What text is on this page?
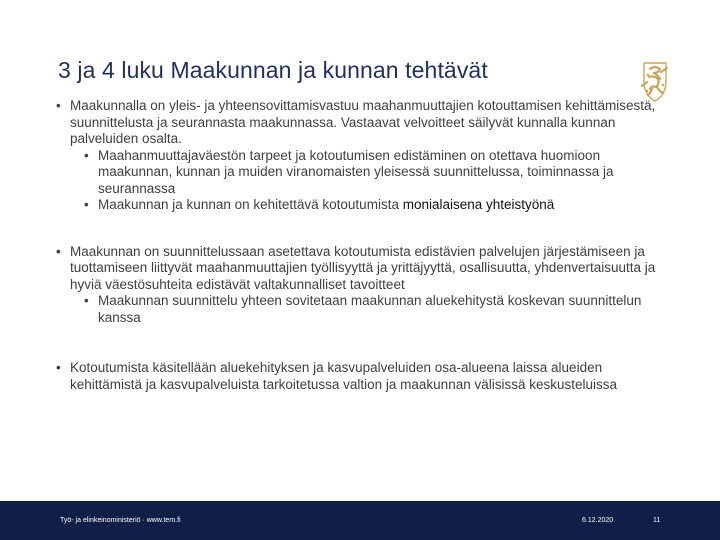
3 ja 4 luku Maakunnan ja kunnan tehtävät

• Maakunnalla on yleis- ja yhteensovittamisvastuu maahanmuuttajien kotouttamisen kehittämisestä, suunnittelusta ja seurannasta maakunnassa. Vastaavat velvoitteet säilyvät kunnalla kunnan palveluiden osalta.

• Maahanmuuttajaväestön tarpeet ja kotoutumisen edistäminen on otettava huomioon maakunnan, kunnan ja muiden viranomaisten yleisessä suunnittelussa, toiminnassa ja seurannassa

• Maakunnan ja kunnan on kehitettävä kotoutumista monialaisena yhteistyönä

• Maakunnan on suunnittelussaan asetettava kotoutumista edistävien palvelujen järjestämiseen ja tuottamiseen liittyvät maahanmuuttajien työllisyyttä ja yrittäjyyttä, osallisuutta, yhdenvertaisuutta ja hyviä väestösuhteita edistävät valtakunnalliset tavoitteet

• Maakunnan suunnittelu yhteen sovitetaan maakunnan aluekehitystä koskevan suunnittelun kanssa

• Kotoutumista käsitellään aluekehityksen ja kasvupalveluiden osa-alueena laissa alueiden kehittämistä ja kasvupalveluista tarkoitetussa valtion ja maakunnan välisissä keskusteluissa

Työ- ja elinkeinoministeriö · www.tem.fi	6.12.2020	11
